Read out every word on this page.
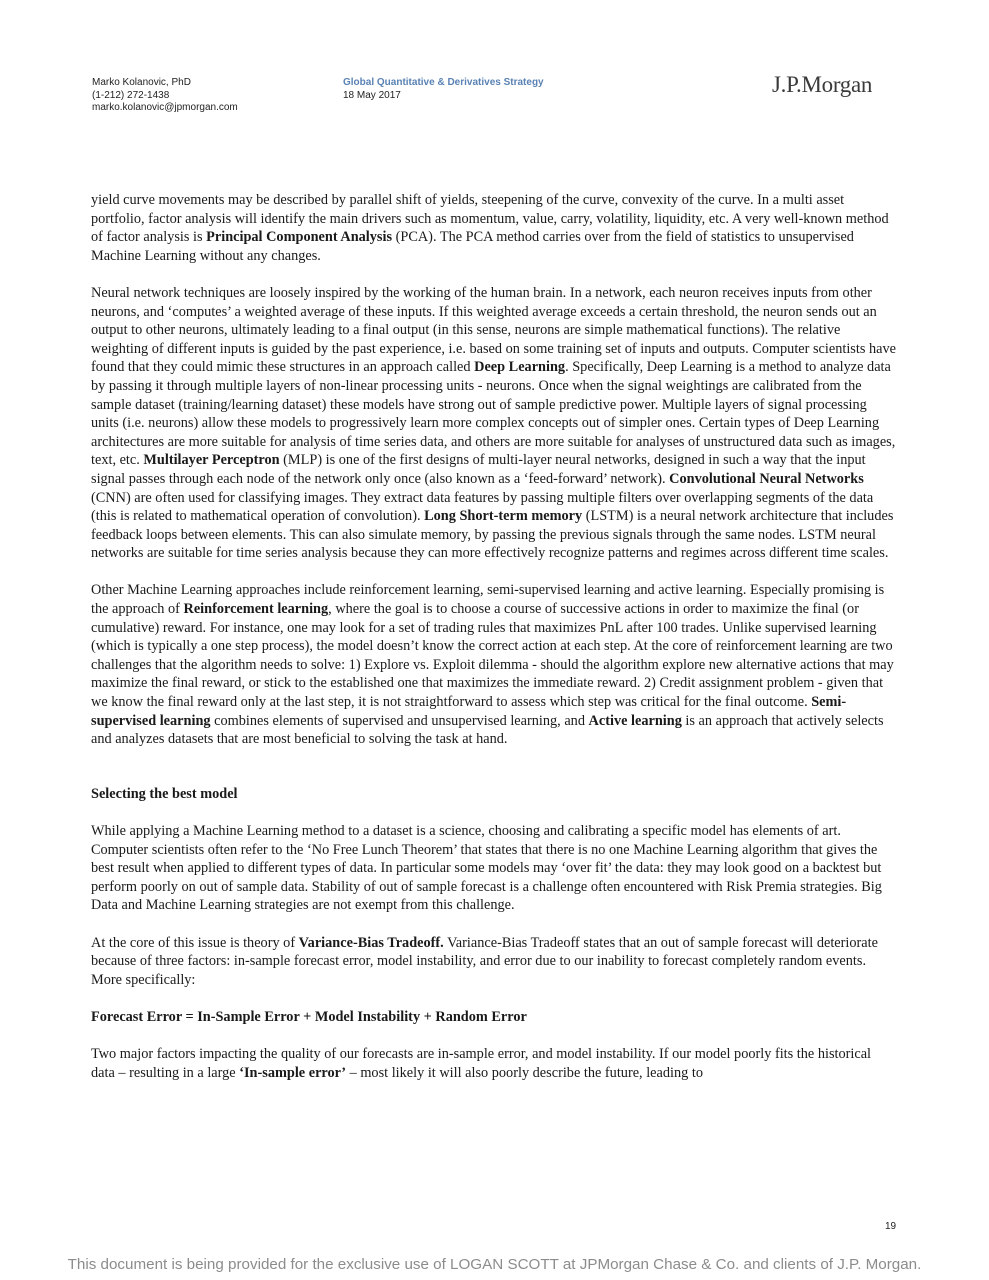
Marko Kolanovic, PhD
(1-212) 272-1438
marko.kolanovic@jpmorgan.com
Global Quantitative & Derivatives Strategy
18 May 2017	J.P.Morgan

yield curve movements may be described by parallel shift of yields, steepening of the curve, convexity of the curve. In a multi asset portfolio, factor analysis will identify the main drivers such as momentum, value, carry, volatility, liquidity, etc. A very well-known method of factor analysis is Principal Component Analysis (PCA). The PCA method carries over from the field of statistics to unsupervised Machine Learning without any changes.

Neural network techniques are loosely inspired by the working of the human brain. In a network, each neuron receives inputs from other neurons, and ‘computes’ a weighted average of these inputs. If this weighted average exceeds a certain threshold, the neuron sends out an output to other neurons, ultimately leading to a final output (in this sense, neurons are simple mathematical functions). The relative weighting of different inputs is guided by the past experience, i.e. based on some training set of inputs and outputs. Computer scientists have found that they could mimic these structures in an approach called Deep Learning. Specifically, Deep Learning is a method to analyze data by passing it through multiple layers of non-linear processing units - neurons. Once when the signal weightings are calibrated from the sample dataset (training/learning dataset) these models have strong out of sample predictive power. Multiple layers of signal processing units (i.e. neurons) allow these models to progressively learn more complex concepts out of simpler ones. Certain types of Deep Learning architectures are more suitable for analysis of time series data, and others are more suitable for analyses of unstructured data such as images, text, etc. Multilayer Perceptron (MLP) is one of the first designs of multi-layer neural networks, designed in such a way that the input signal passes through each node of the network only once (also known as a ‘feed-forward’ network). Convolutional Neural Networks (CNN) are often used for classifying images. They extract data features by passing multiple filters over overlapping segments of the data (this is related to mathematical operation of convolution). Long Short-term memory (LSTM) is a neural network architecture that includes feedback loops between elements. This can also simulate memory, by passing the previous signals through the same nodes. LSTM neural networks are suitable for time series analysis because they can more effectively recognize patterns and regimes across different time scales.

Other Machine Learning approaches include reinforcement learning, semi-supervised learning and active learning. Especially promising is the approach of Reinforcement learning, where the goal is to choose a course of successive actions in order to maximize the final (or cumulative) reward. For instance, one may look for a set of trading rules that maximizes PnL after 100 trades. Unlike supervised learning (which is typically a one step process), the model doesn’t know the correct action at each step. At the core of reinforcement learning are two challenges that the algorithm needs to solve: 1) Explore vs. Exploit dilemma - should the algorithm explore new alternative actions that may maximize the final reward, or stick to the established one that maximizes the immediate reward. 2) Credit assignment problem - given that we know the final reward only at the last step, it is not straightforward to assess which step was critical for the final outcome. Semi-supervised learning combines elements of supervised and unsupervised learning, and Active learning is an approach that actively selects and analyzes datasets that are most beneficial to solving the task at hand.

Selecting the best model

While applying a Machine Learning method to a dataset is a science, choosing and calibrating a specific model has elements of art. Computer scientists often refer to the ‘No Free Lunch Theorem’ that states that there is no one Machine Learning algorithm that gives the best result when applied to different types of data. In particular some models may ‘over fit’ the data: they may look good on a backtest but perform poorly on out of sample data. Stability of out of sample forecast is a challenge often encountered with Risk Premia strategies. Big Data and Machine Learning strategies are not exempt from this challenge.

At the core of this issue is theory of Variance-Bias Tradeoff. Variance-Bias Tradeoff states that an out of sample forecast will deteriorate because of three factors: in-sample forecast error, model instability, and error due to our inability to forecast completely random events. More specifically:

Forecast Error = In-Sample Error + Model Instability + Random Error

Two major factors impacting the quality of our forecasts are in-sample error, and model instability. If our model poorly fits the historical data – resulting in a large ‘In-sample error’ – most likely it will also poorly describe the future, leading to

19
This document is being provided for the exclusive use of LOGAN SCOTT at JPMorgan Chase & Co. and clients of J.P. Morgan.
